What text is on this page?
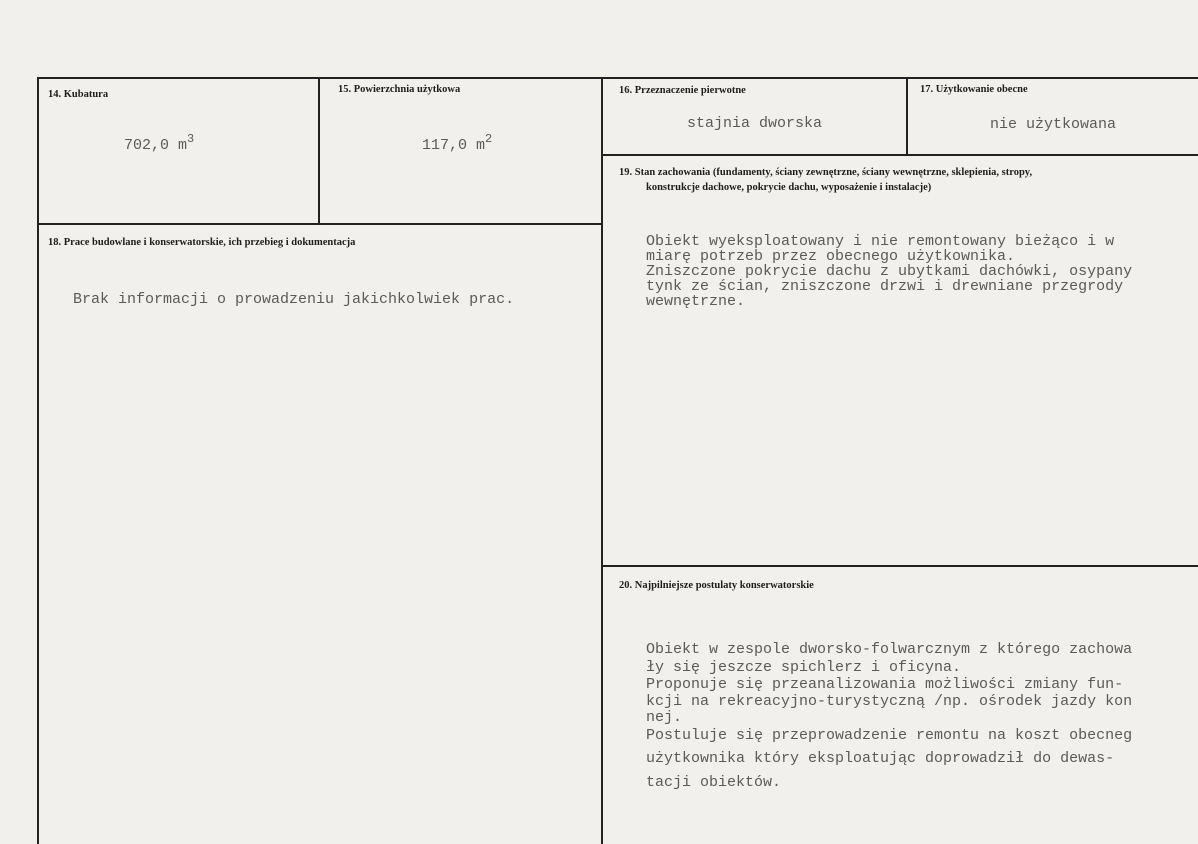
14. Kubatura
702,0 $m^3$
15. Powierzchnia użytkowa
117,0 $m^2$
16. Przeznaczenie pierwotne
stajnia dworska
17. Użytkowanie obecne
nie użytkowana
18. Prace budowlane i konserwatorskie, ich przebieg i dokumentacja
Brak informacji o prowadzeniu jakichkolwiek prac.
19. Stan zachowania (fundamenty, ściany zewnętrzne, ściany wewnętrzne, sklepienia, stropy,
konstrukcje dachowe, pokrycie dachu, wyposażenie i instalacje)
Obiekt wyeksploatowany i nie remontowany bieżąco i w
miarę potrzeb przez obecnego użytkownika.
Zniszczone pokrycie dachu z ubytkami dachówki, osypany
tynk ze ścian, zniszczone drzwi i drewniane przegrody
wewnętrzne.
20. Najpilniejsze postulaty konserwatorskie
Obiekt w zespole dworsko-folwarcznym z którego zachowa
ły się jeszcze spichlerz i oficyna.
Proponuje się przeanalizowania możliwości zmiany fun-
kcji na rekreacyjno-turystyczną /np. ośrodek jazdy kon
nej.
Postuluje się przeprowadzenie remontu na koszt obecneg
użytkownika który eksploatując doprowadził do dewas-
tacji obiektów.
